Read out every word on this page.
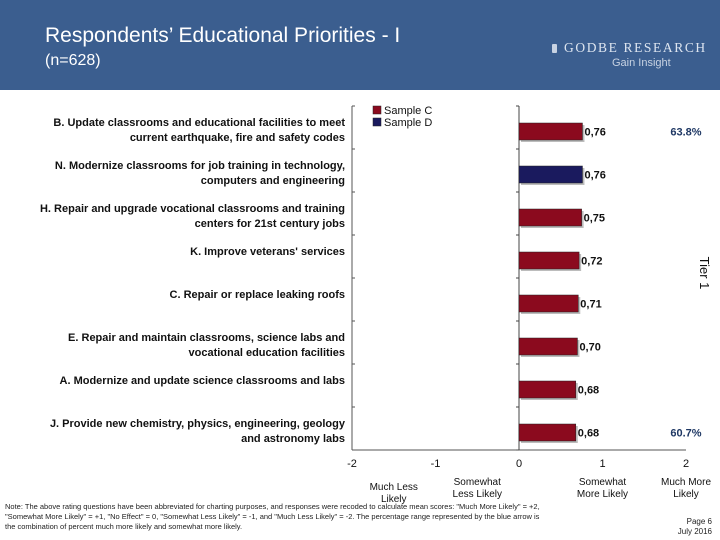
Respondents’ Educational Priorities - I
(n=628)
GODBE RESEARCH
Gain Insight
B. Update classrooms and educational facilities to meet current earthquake, fire and safety codes
N. Modernize classrooms for job training in technology, computers and engineering
H. Repair and upgrade vocational classrooms and training centers for 21st century jobs
K. Improve veterans' services
C. Repair or replace leaking roofs
E. Repair and maintain classrooms, science labs and vocational education facilities
A. Modernize and update science classrooms and labs
J. Provide new chemistry, physics, engineering, geology and astronomy labs
0,76
0,76
0,75
0,72
0,71
0,70
0,68
0,68
63.8%
60.7%
-2	-1	0	1	2
Much Less Likely
Somewhat Less Likely
Somewhat More Likely
Much More Likely
Sample C
Sample D
Tier 1
Note: The above rating questions have been abbreviated for charting purposes, and responses were recoded to calculate mean scores: "Much More Likely" = +2, "Somewhat More Likely" = +1, "No Effect" = 0, "Somewhat Less Likely" = -1, and "Much Less Likely" = -2. The percentage range represented by the blue arrow is the combination of percent much more likely and somewhat more likely.
Page 6
July 2016
